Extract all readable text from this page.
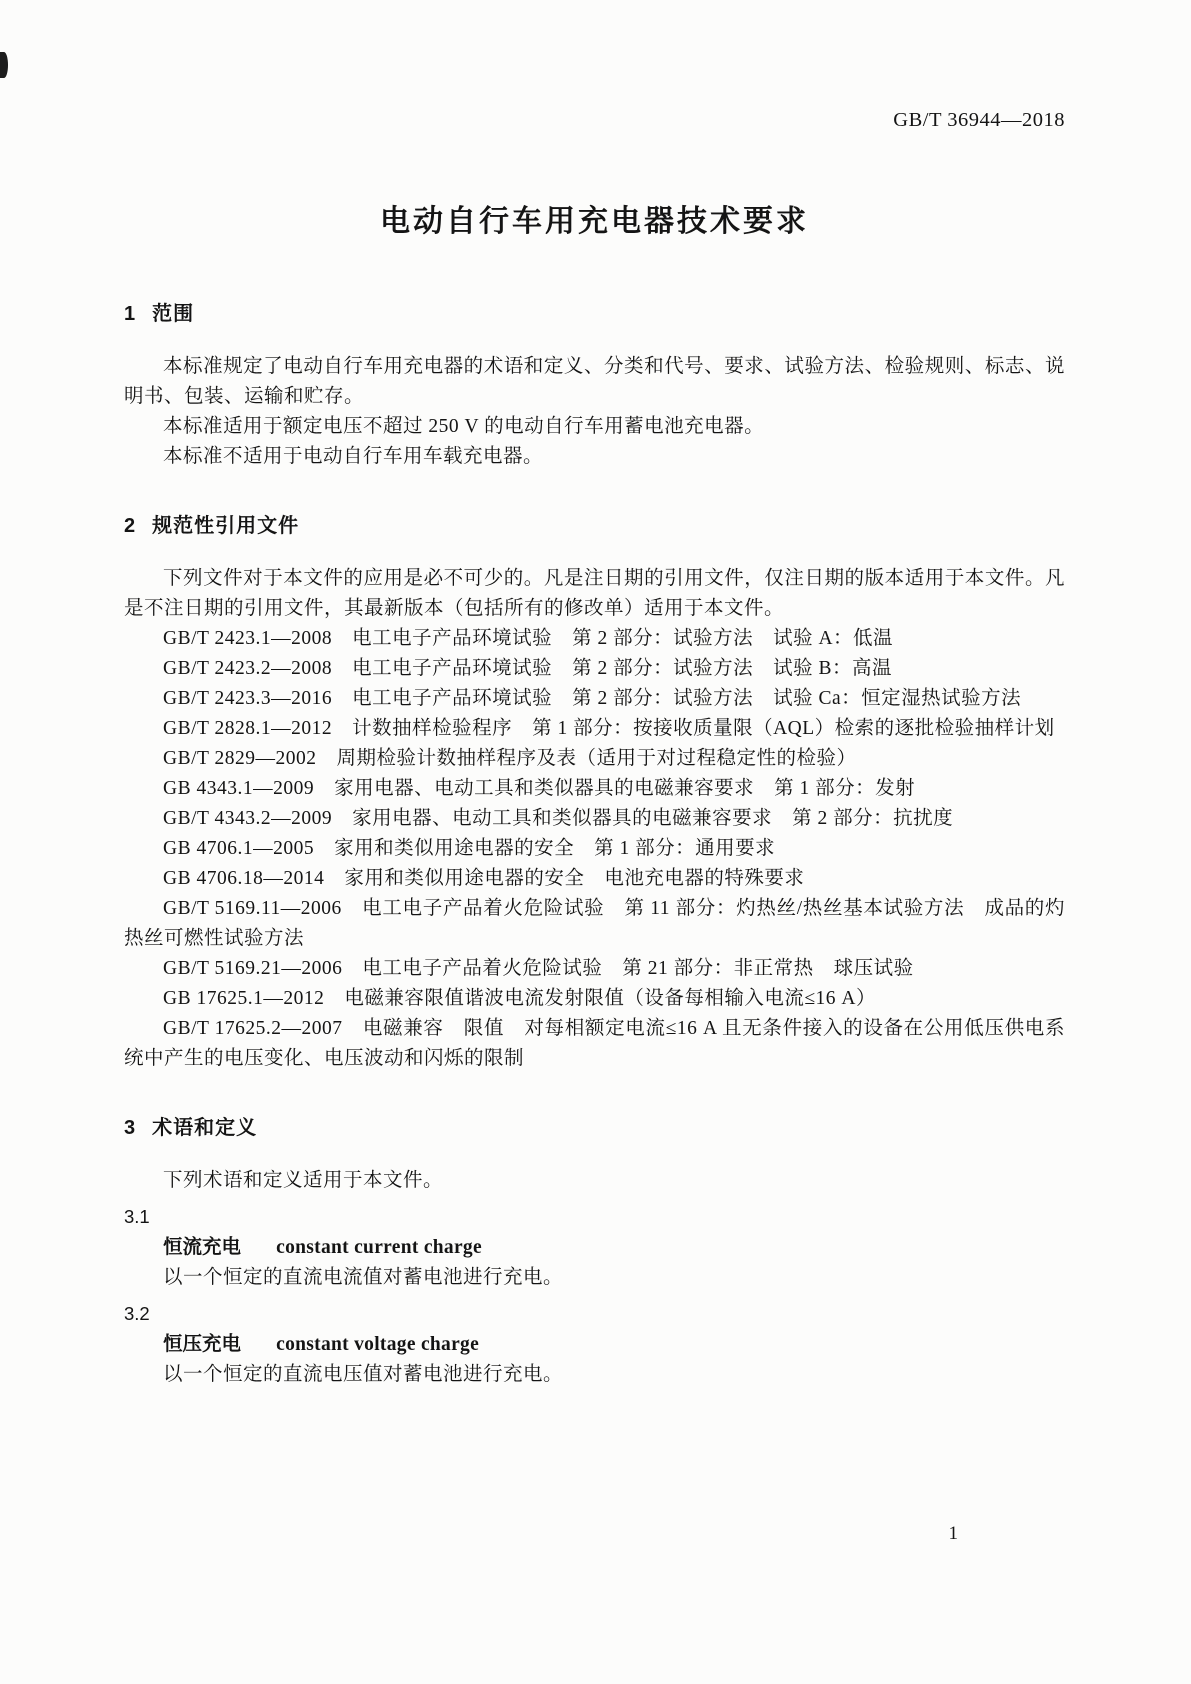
GB/T 36944—2018
电动自行车用充电器技术要求
1 范围

本标准规定了电动自行车用充电器的术语和定义、分类和代号、要求、试验方法、检验规则、标志、说明书、包装、运输和贮存。

本标准适用于额定电压不超过 250 V 的电动自行车用蓄电池充电器。

本标准不适用于电动自行车用车载充电器。

2 规范性引用文件

下列文件对于本文件的应用是必不可少的。凡是注日期的引用文件，仅注日期的版本适用于本文件。凡是不注日期的引用文件，其最新版本（包括所有的修改单）适用于本文件。

GB/T 2423.1—2008　电工电子产品环境试验　第 2 部分：试验方法　试验 A：低温

GB/T 2423.2—2008　电工电子产品环境试验　第 2 部分：试验方法　试验 B：高温

GB/T 2423.3—2016　电工电子产品环境试验　第 2 部分：试验方法　试验 Ca：恒定湿热试验方法

GB/T 2828.1—2012　计数抽样检验程序　第 1 部分：按接收质量限（AQL）检索的逐批检验抽样计划

GB/T 2829—2002　周期检验计数抽样程序及表（适用于对过程稳定性的检验）

GB 4343.1—2009　家用电器、电动工具和类似器具的电磁兼容要求　第 1 部分：发射

GB/T 4343.2—2009　家用电器、电动工具和类似器具的电磁兼容要求　第 2 部分：抗扰度

GB 4706.1—2005　家用和类似用途电器的安全　第 1 部分：通用要求

GB 4706.18—2014　家用和类似用途电器的安全　电池充电器的特殊要求

GB/T 5169.11—2006　电工电子产品着火危险试验　第 11 部分：灼热丝/热丝基本试验方法　成品的灼热丝可燃性试验方法

GB/T 5169.21—2006　电工电子产品着火危险试验　第 21 部分：非正常热　球压试验

GB 17625.1—2012　电磁兼容限值谐波电流发射限值（设备每相输入电流≤16 A）

GB/T 17625.2—2007　电磁兼容　限值　对每相额定电流≤16 A 且无条件接入的设备在公用低压供电系统中产生的电压变化、电压波动和闪烁的限制

3 术语和定义

下列术语和定义适用于本文件。

3.1

恒流充电 constant current charge

以一个恒定的直流电流值对蓄电池进行充电。

3.2

恒压充电 constant voltage charge

以一个恒定的直流电压值对蓄电池进行充电。

1
